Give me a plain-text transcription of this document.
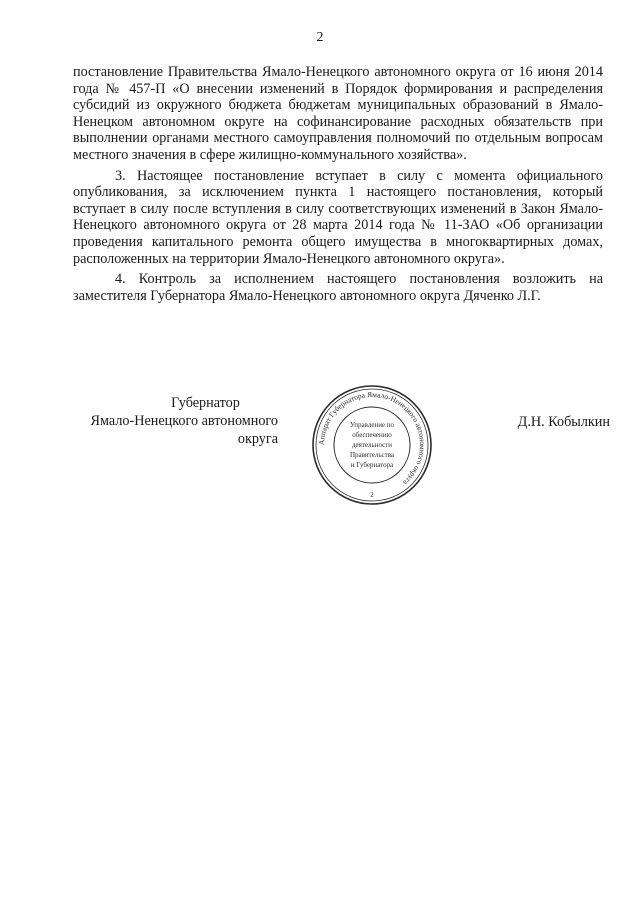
2

постановление Правительства Ямало-Ненецкого автономного округа от 16 июня 2014 года № 457-П «О внесении изменений в Порядок формирования и распределения субсидий из окружного бюджета бюджетам муниципальных образований в Ямало-Ненецком автономном округе на софинансирование расходных обязательств при выполнении органами местного самоуправления полномочий по отдельным вопросам местного значения в сфере жилищно-коммунального хозяйства».

3. Настоящее постановление вступает в силу с момента официального опубликования, за исключением пункта 1 настоящего постановления, который вступает в силу после вступления в силу соответствующих изменений в Закон Ямало-Ненецкого автономного округа от 28 марта 2014 года № 11-ЗАО «Об организации проведения капитального ремонта общего имущества в многоквартирных домах, расположенных на территории Ямало-Ненецкого автономного округа».

4. Контроль за исполнением настоящего постановления возложить на заместителя Губернатора Ямало-Ненецкого автономного округа Дяченко Л.Г.

Губернатор
Ямало-Ненецкого автономного округа
Д.Н. Кобылкин
Аппарат Губернатора Ямало-Ненецкого автономного округа
Управление по
обеспечению
деятельности
Правительства
и Губернатора
2
